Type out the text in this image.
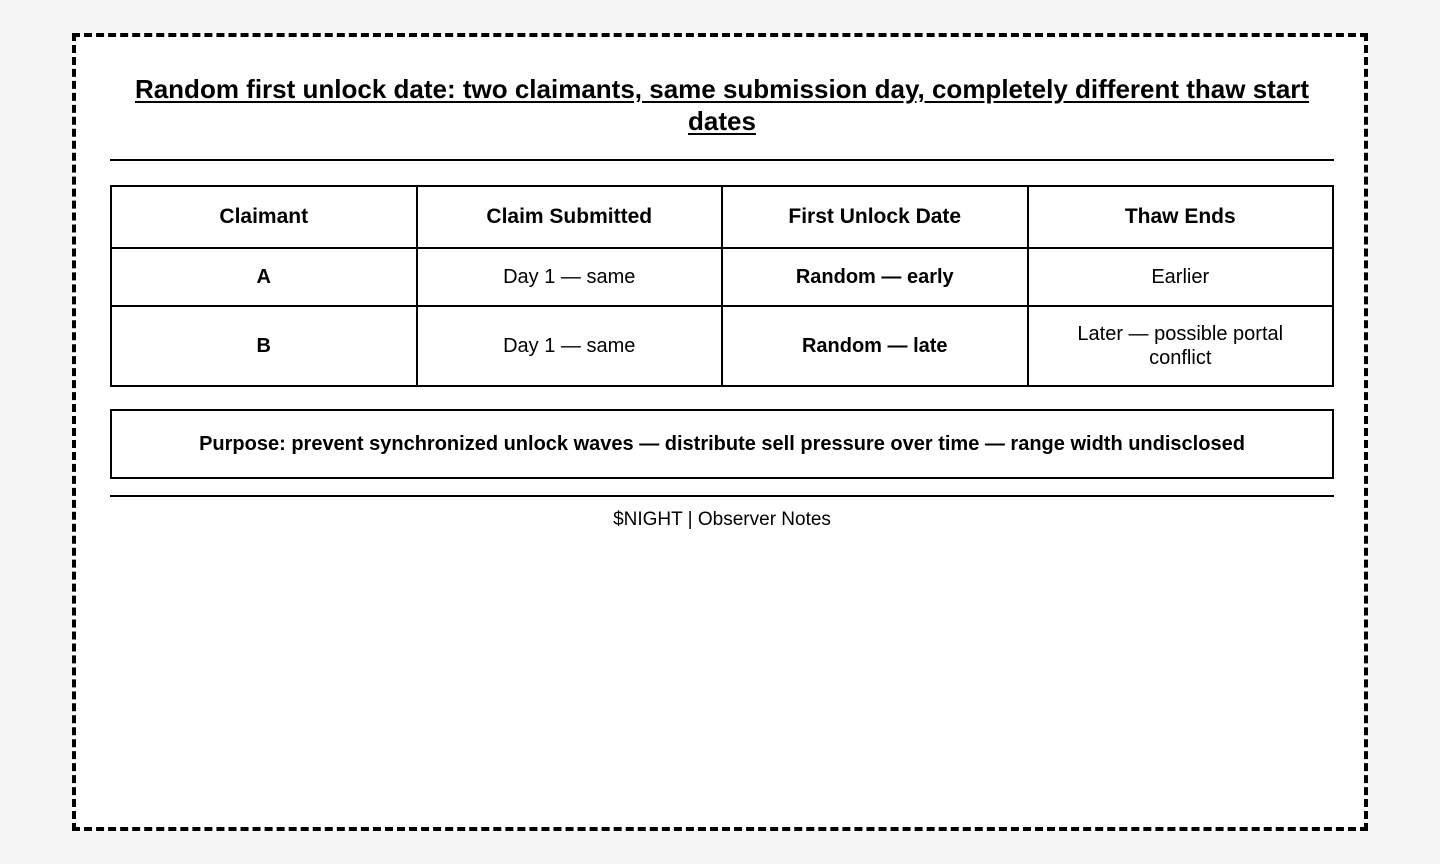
Random first unlock date: two claimants, same submission day, completely different thaw start dates
Claimant	Claim Submitted	First Unlock Date	Thaw Ends
A	Day 1 — same	Random — early	Earlier
B	Day 1 — same	Random — late	Later — possible portal conflict
Purpose: prevent synchronized unlock waves — distribute sell pressure over time — range width undisclosed
$NIGHT | Observer Notes
